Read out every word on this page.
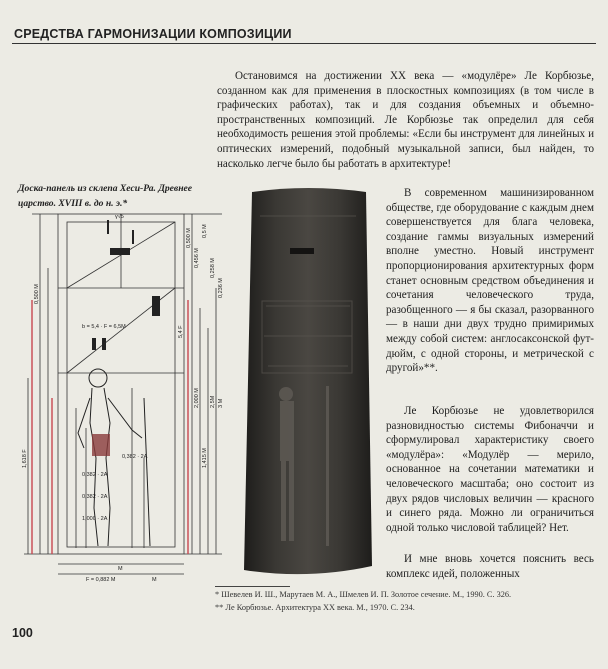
СРЕДСТВА ГАРМОНИЗАЦИИ КОМПОЗИЦИИ
Доска-панель из склепа Хеси-Ра. Древнее царство. XVIII в. до н. э.*
γ√5
М
F = 0,882 М	М
b = 5,4 · F = 6,5M
0,382 · 2А
0,382 · 2А
1,000 · 2А
0,382 · 2А
0,500 М
0,456 М
0,5 М
0,258 М
0,236 М
5,4 F
0,500 М
1,618 F
2,000 М
1,415 М
2,5M 3 М
Остановимся на достижении XX века — «модулёре» Ле Корбюзье, созданном как для применения в плоскостных композициях (в том числе в графических работах), так и для создания объемных и объемно-пространственных композиций. Ле Корбюзье так определил для себя необходимость решения этой проблемы: «Если бы инструмент для линейных и оптических измерений, подобный музыкальной записи, был найден, то насколько легче было бы работать в архитектуре!
В современном машинизированном обществе, где оборудование с каждым днем совершенствуется для блага человека, создание гаммы визуальных измерений вполне уместно. Новый инструмент пропорционирования архитектурных форм станет основным средством объединения и сочетания человеческого труда, разобщенного — я бы сказал, разорванного — в наши дни двух трудно примиримых между собой систем: англосаксонской фут-дюйм, с одной стороны, и метрической с другой»**.
Ле Корбюзье не удовлетворился разновидностью системы Фибоначчи и сформулировал характеристику своего «модулёра»: «Модулёр — мерило, основанное на сочетании математики и человеческого масштаба; оно состоит из двух рядов числовых величин — красного и синего ряда. Можно ли ограничиться одной только числовой таблицей? Нет.
И мне вновь хочется пояснить весь комплекс идей, положенных
* Шевелев И. Ш., Марутаев М. А., Шмелев И. П. Золотое сечение. М., 1990. С. 326.
** Ле Корбюзье. Архитектура XX века. М., 1970. С. 234.
100
